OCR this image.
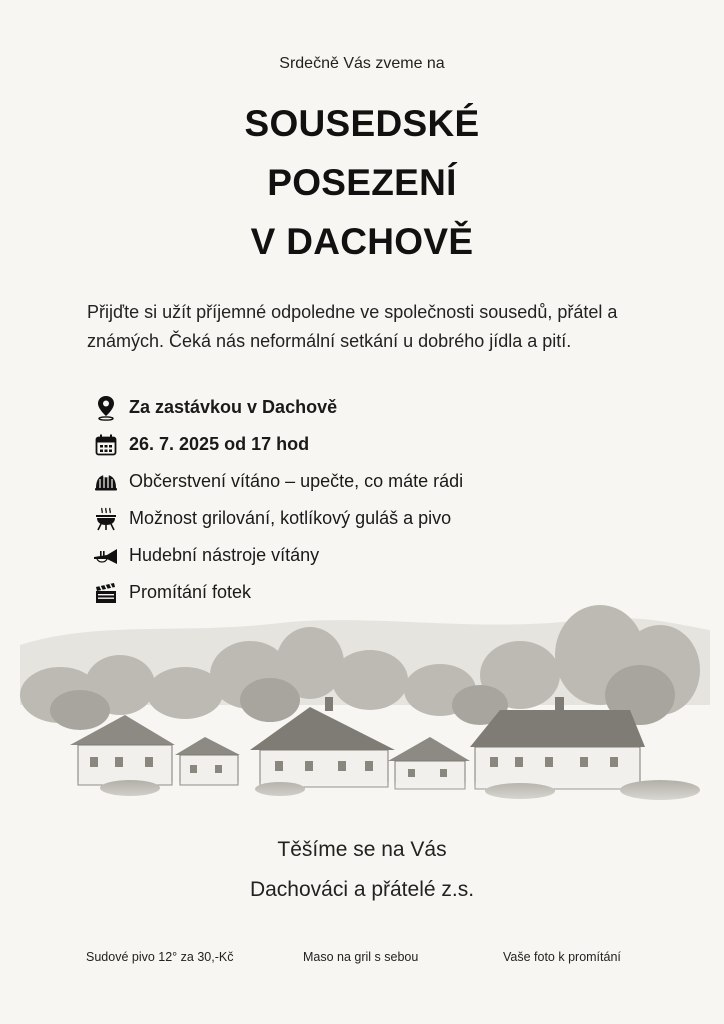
Srdečně Vás zveme na
SOUSEDSKÉ
POSEZENÍ
V DACHOVĚ
Přijďte si užít příjemné odpoledne ve společnosti sousedů, přátel a známých. Čeká nás neformální setkání u dobrého jídla a pití.
Za zastávkou v Dachově
26. 7. 2025 od 17 hod
Občerstvení vítáno – upečte, co máte rádi
Možnost grilování, kotlíkový guláš a pivo
Hudební nástroje vítány
Promítání fotek
Těšíme se na Vás
Dachováci a přátelé z.s.
Sudové pivo 12° za 30,-Kč	Maso na gril s sebou	Vaše foto k promítání
